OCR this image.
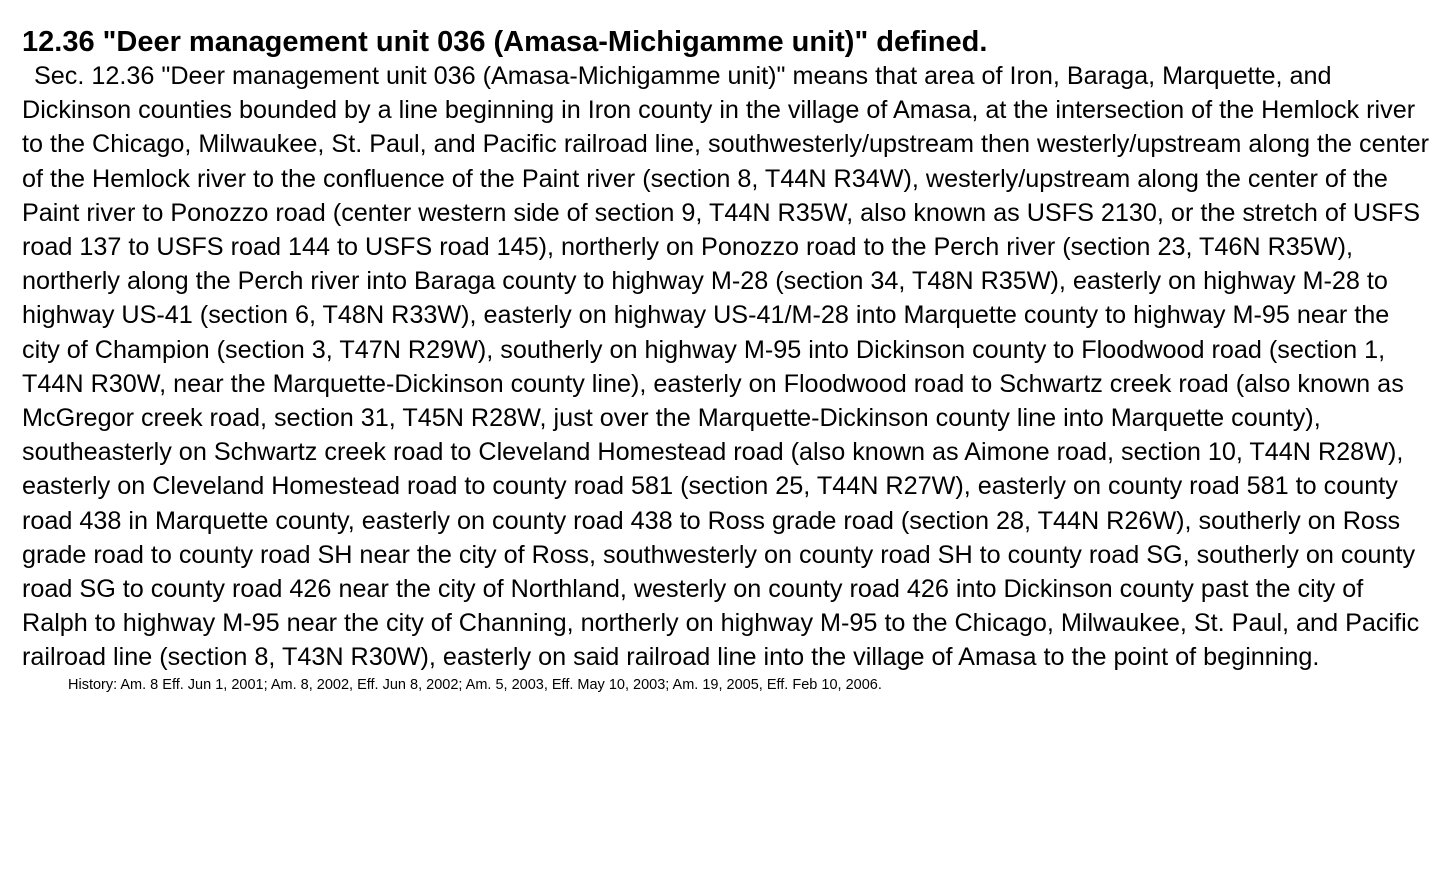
12.36 "Deer management unit 036 (Amasa-Michigamme unit)" defined.

Sec. 12.36 "Deer management unit 036 (Amasa-Michigamme unit)" means that area of Iron, Baraga, Marquette, and Dickinson counties bounded by a line beginning in Iron county in the village of Amasa, at the intersection of the Hemlock river to the Chicago, Milwaukee, St. Paul, and Pacific railroad line, southwesterly/upstream then westerly/upstream along the center of the Hemlock river to the confluence of the Paint river (section 8, T44N R34W), westerly/upstream along the center of the Paint river to Ponozzo road (center western side of section 9, T44N R35W, also known as USFS 2130, or the stretch of USFS road 137 to USFS road 144 to USFS road 145), northerly on Ponozzo road to the Perch river (section 23, T46N R35W), northerly along the Perch river into Baraga county to highway M-28 (section 34, T48N R35W), easterly on highway M-28 to highway US-41 (section 6, T48N R33W), easterly on highway US-41/M-28 into Marquette county to highway M-95 near the city of Champion (section 3, T47N R29W), southerly on highway M-95 into Dickinson county to Floodwood road (section 1, T44N R30W, near the Marquette-Dickinson county line), easterly on Floodwood road to Schwartz creek road (also known as McGregor creek road, section 31, T45N R28W, just over the Marquette-Dickinson county line into Marquette county), southeasterly on Schwartz creek road to Cleveland Homestead road (also known as Aimone road, section 10, T44N R28W), easterly on Cleveland Homestead road to county road 581 (section 25, T44N R27W), easterly on county road 581 to county road 438 in Marquette county, easterly on county road 438 to Ross grade road (section 28, T44N R26W), southerly on Ross grade road to county road SH near the city of Ross, southwesterly on county road SH to county road SG, southerly on county road SG to county road 426 near the city of Northland, westerly on county road 426 into Dickinson county past the city of Ralph to highway M-95 near the city of Channing, northerly on highway M-95 to the Chicago, Milwaukee, St. Paul, and Pacific railroad line (section 8, T43N R30W), easterly on said railroad line into the village of Amasa to the point of beginning.

History: Am. 8 Eff. Jun 1, 2001; Am. 8, 2002, Eff. Jun 8, 2002; Am. 5, 2003, Eff. May 10, 2003; Am. 19, 2005, Eff. Feb 10, 2006.
